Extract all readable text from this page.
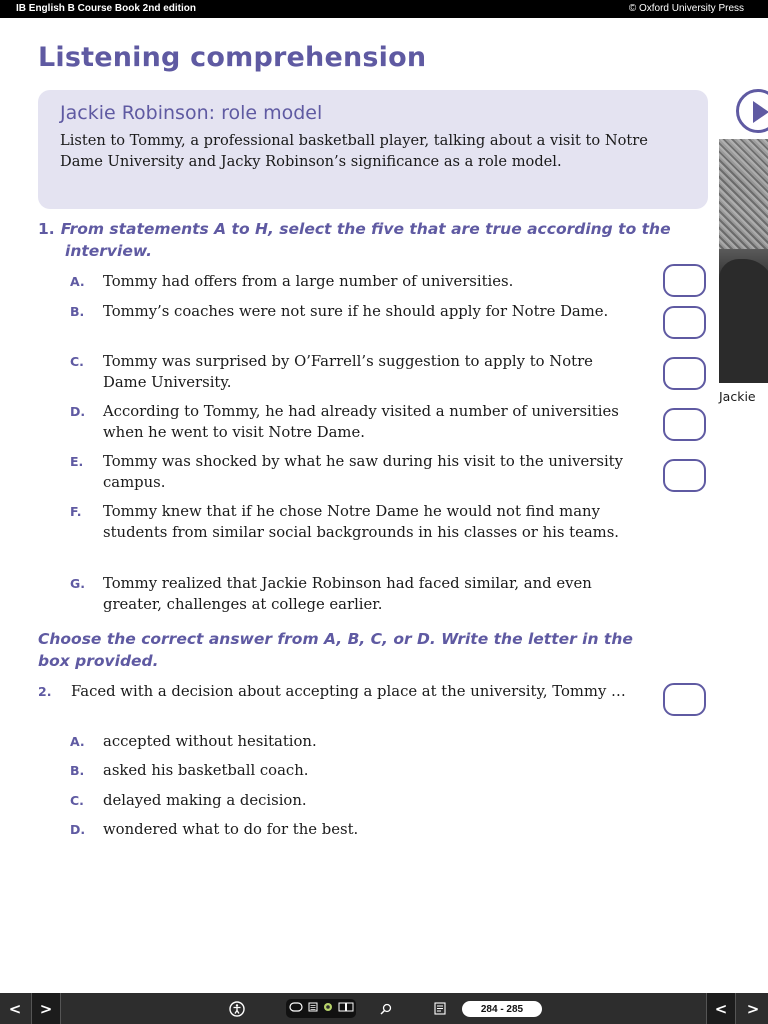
IB English B Course Book 2nd edition	© Oxford University Press
Listening comprehension
Jackie Robinson: role model
Listen to Tommy, a professional basketball player, talking about a visit to Notre Dame University and Jacky Robinson’s significance as a role model.
Jackie
1. From statements A to H, select the five that are true according to the interview.
A. Tommy had offers from a large number of universities.
B. Tommy’s coaches were not sure if he should apply for Notre Dame.
C. Tommy was surprised by O’Farrell’s suggestion to apply to Notre Dame University.
D. According to Tommy, he had already visited a number of universities when he went to visit Notre Dame.
E. Tommy was shocked by what he saw during his visit to the university campus.
F. Tommy knew that if he chose Notre Dame he would not find many students from similar social backgrounds in his classes or his teams.
G. Tommy realized that Jackie Robinson had faced similar, and even greater, challenges at college earlier.
Choose the correct answer from A, B, C, or D. Write the letter in the box provided.
2. Faced with a decision about accepting a place at the university, Tommy …
A. accepted without hesitation.
B. asked his basketball coach.
C. delayed making a decision.
D. wondered what to do for the best.
<	>	284 - 285	<	>
